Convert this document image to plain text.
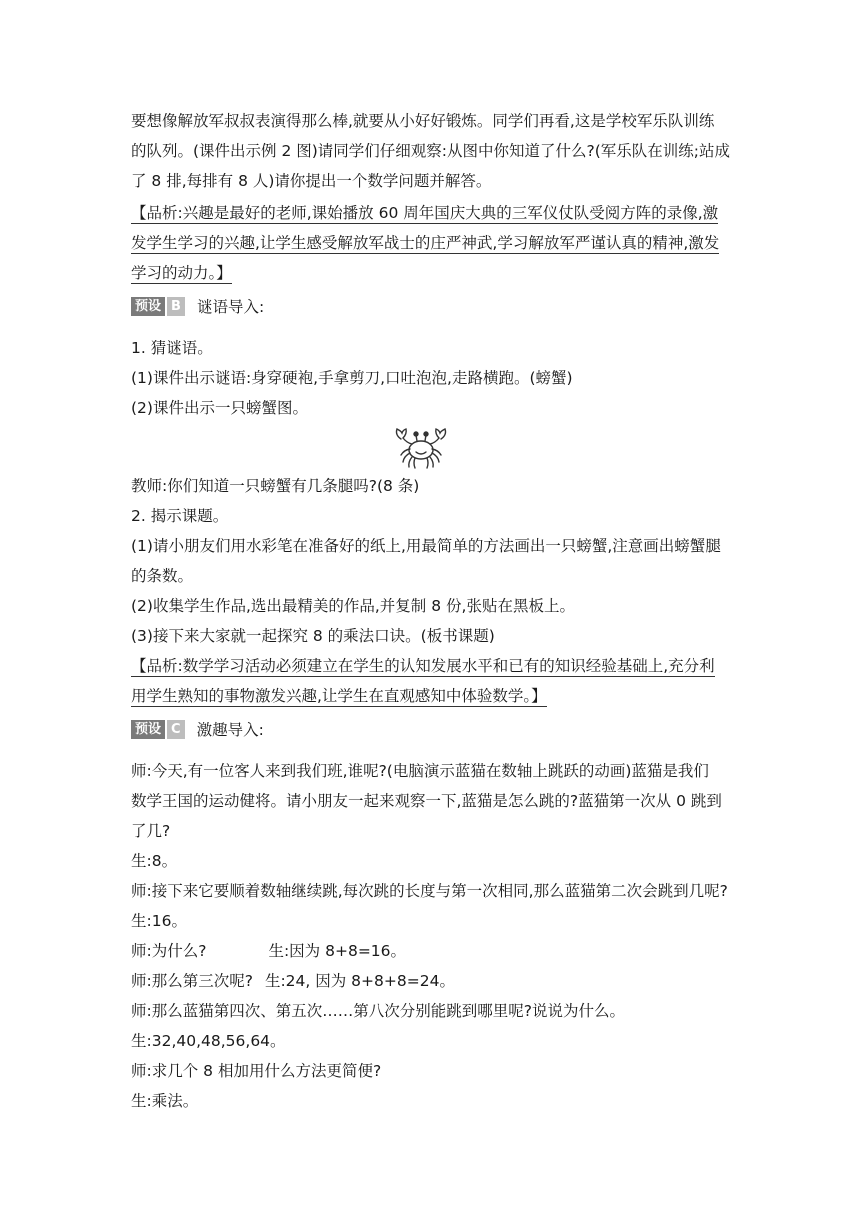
要想像解放军叔叔表演得那么棒,就要从小好好锻炼。同学们再看,这是学校军乐队训练

的队列。(课件出示例 2 图)请同学们仔细观察:从图中你知道了什么?(军乐队在训练;站成

了 8 排,每排有 8 人)请你提出一个数学问题并解答。

【品析:兴趣是最好的老师,课始播放 60 周年国庆大典的三军仪仗队受阅方阵的录像,激

发学生学习的兴趣,让学生感受解放军战士的庄严神武,学习解放军严谨认真的精神,激发

学习的动力。】

预设 B 谜语导入:

1. 猜谜语。

(1)课件出示谜语:身穿硬袍,手拿剪刀,口吐泡泡,走路横跑。(螃蟹)

(2)课件出示一只螃蟹图。

教师:你们知道一只螃蟹有几条腿吗?(8 条)

2. 揭示课题。

(1)请小朋友们用水彩笔在准备好的纸上,用最简单的方法画出一只螃蟹,注意画出螃蟹腿

的条数。

(2)收集学生作品,选出最精美的作品,并复制 8 份,张贴在黑板上。

(3)接下来大家就一起探究 8 的乘法口诀。(板书课题)

【品析:数学学习活动必须建立在学生的认知发展水平和已有的知识经验基础上,充分利

用学生熟知的事物激发兴趣,让学生在直观感知中体验数学。】

预设 C 激趣导入:

师:今天,有一位客人来到我们班,谁呢?(电脑演示蓝猫在数轴上跳跃的动画)蓝猫是我们

数学王国的运动健将。请小朋友一起来观察一下,蓝猫是怎么跳的?蓝猫第一次从 0 跳到

了几?

生:8。

师:接下来它要顺着数轴继续跳,每次跳的长度与第一次相同,那么蓝猫第二次会跳到几呢?

生:16。

师:为什么?	生:因为 8+8=16。

师:那么第三次呢? 生:24, 因为 8+8+8=24。

师:那么蓝猫第四次、第五次……第八次分别能跳到哪里呢?说说为什么。

生:32,40,48,56,64。

师:求几个 8 相加用什么方法更简便?

生:乘法。
